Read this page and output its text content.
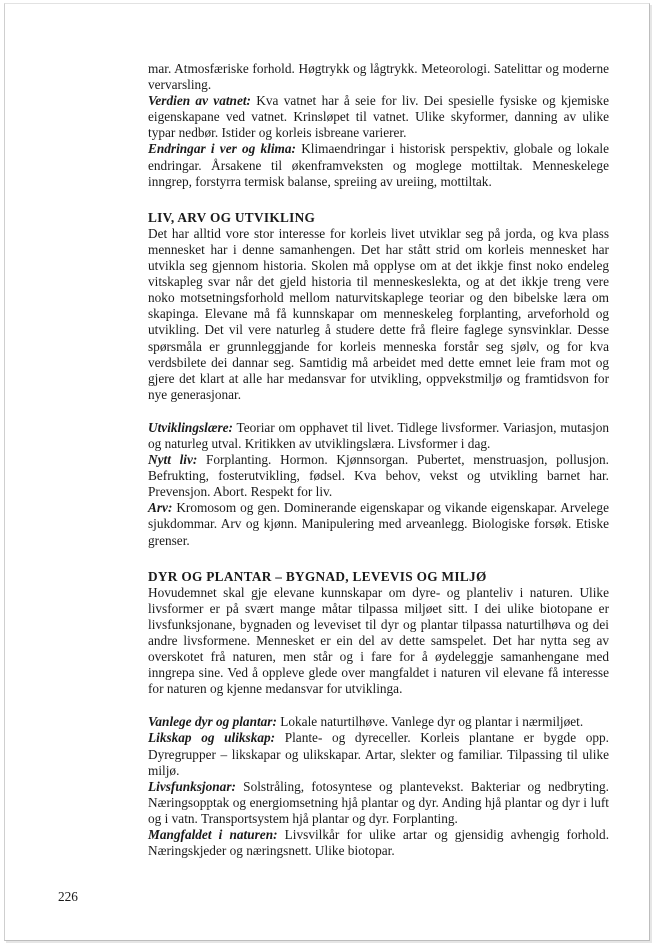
mar. Atmosfæriske forhold. Høgtrykk og lågtrykk. Meteorologi. Satelittar og moderne vervarsling.

Verdien av vatnet: Kva vatnet har å seie for liv. Dei spesielle fysiske og kjemiske eigenskapane ved vatnet. Krinsløpet til vatnet. Ulike skyformer, danning av ulike typar nedbør. Istider og korleis isbreane varierer.

Endringar i ver og klima: Klimaendringar i historisk perspektiv, globale og lokale endringar. Årsakene til økenframveksten og moglege mottiltak. Menneskelege inngrep, forstyrra termisk balanse, spreiing av ureiing, mottiltak.

LIV, ARV OG UTVIKLING

Det har alltid vore stor interesse for korleis livet utviklar seg på jorda, og kva plass mennesket har i denne samanhengen. Det har stått strid om korleis mennesket har utvikla seg gjennom historia. Skolen må opplyse om at det ikkje finst noko endeleg vitskapleg svar når det gjeld historia til menneskeslekta, og at det ikkje treng vere noko motsetningsforhold mellom naturvitskaplege teoriar og den bibelske læra om skapinga. Elevane må få kunnskapar om menneskeleg forplanting, arveforhold og utvikling. Det vil vere naturleg å studere dette frå fleire faglege synsvinklar. Desse spørsmåla er grunnleggjande for korleis menneska forstår seg sjølv, og for kva verdsbilete dei dannar seg. Samtidig må arbeidet med dette emnet leie fram mot og gjere det klart at alle har medansvar for utvikling, oppvekstmiljø og framtidsvon for nye generasjonar.

Utviklingslære: Teoriar om opphavet til livet. Tidlege livsformer. Variasjon, mutasjon og naturleg utval. Kritikken av utviklingslæra. Livsformer i dag.

Nytt liv: Forplanting. Hormon. Kjønnsorgan. Pubertet, menstruasjon, pollusjon. Befrukting, fosterutvikling, fødsel. Kva behov, vekst og utvikling barnet har. Prevensjon. Abort. Respekt for liv.

Arv: Kromosom og gen. Dominerande eigenskapar og vikande eigenskapar. Arvelege sjukdommar. Arv og kjønn. Manipulering med arveanlegg. Biologiske forsøk. Etiske grenser.

DYR OG PLANTAR – BYGNAD, LEVEVIS OG MILJØ

Hovudemnet skal gje elevane kunnskapar om dyre- og planteliv i naturen. Ulike livsformer er på svært mange måtar tilpassa miljøet sitt. I dei ulike biotopane er livsfunksjonane, bygnaden og leveviset til dyr og plantar tilpassa naturtilhøva og dei andre livsformene. Mennesket er ein del av dette samspelet. Det har nytta seg av overskotet frå naturen, men står og i fare for å øydeleggje samanhengane med inngrepa sine. Ved å oppleve glede over mangfaldet i naturen vil elevane få interesse for naturen og kjenne medansvar for utviklinga.

Vanlege dyr og plantar: Lokale naturtilhøve. Vanlege dyr og plantar i nærmiljøet.

Likskap og ulikskap: Plante- og dyreceller. Korleis plantane er bygde opp. Dyregrupper – likskapar og ulikskapar. Artar, slekter og familiar. Tilpassing til ulike miljø.

Livsfunksjonar: Solstråling, fotosyntese og plantevekst. Bakteriar og nedbryting. Næringsopptak og energiomsetning hjå plantar og dyr. Anding hjå plantar og dyr i luft og i vatn. Transportsystem hjå plantar og dyr. Forplanting.

Mangfaldet i naturen: Livsvilkår for ulike artar og gjensidig avhengig forhold. Næringskjeder og næringsnett. Ulike biotopar.

226
